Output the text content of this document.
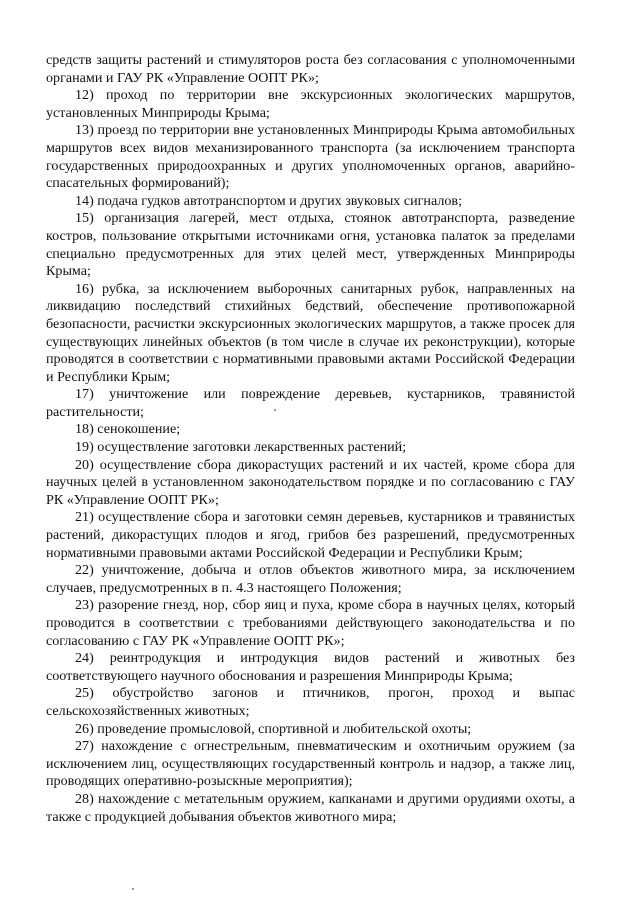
средств защиты растений и стимуляторов роста без согласования с уполномоченными органами и ГАУ РК «Управление ООПТ РК»;

12) проход по территории вне экскурсионных экологических маршрутов, установленных Минприроды Крыма;

13) проезд по территории вне установленных Минприроды Крыма автомобильных маршрутов всех видов механизированного транспорта (за исключением транспорта государственных природоохранных и других уполномоченных органов, аварийно-спасательных формирований);

14) подача гудков автотранспортом и других звуковых сигналов;

15) организация лагерей, мест отдыха, стоянок автотранспорта, разведение костров, пользование открытыми источниками огня, установка палаток за пределами специально предусмотренных для этих целей мест, утвержденных Минприроды Крыма;

16) рубка, за исключением выборочных санитарных рубок, направленных на ликвидацию последствий стихийных бедствий, обеспечение противопожарной безопасности, расчистки экскурсионных экологических маршрутов, а также просек для существующих линейных объектов (в том числе в случае их реконструкции), которые проводятся в соответствии с нормативными правовыми актами Российской Федерации и Республики Крым;

17) уничтожение или повреждение деревьев, кустарников, травянистой растительности;

18) сенокошение;

19) осуществление заготовки лекарственных растений;

20) осуществление сбора дикорастущих растений и их частей, кроме сбора для научных целей в установленном законодательством порядке и по согласованию с ГАУ РК «Управление ООПТ РК»;

21) осуществление сбора и заготовки семян деревьев, кустарников и травянистых растений, дикорастущих плодов и ягод, грибов без разрешений, предусмотренных нормативными правовыми актами Российской Федерации и Республики Крым;

22) уничтожение, добыча и отлов объектов животного мира, за исключением случаев, предусмотренных в п. 4.3 настоящего Положения;

23) разорение гнезд, нор, сбор яиц и пуха, кроме сбора в научных целях, который проводится в соответствии с требованиями действующего законодательства и по согласованию с ГАУ РК «Управление ООПТ РК»;

24) реинтродукция и интродукция видов растений и животных без соответствующего научного обоснования и разрешения Минприроды Крыма;

25) обустройство загонов и птичников, прогон, проход и выпас сельскохозяйственных животных;

26) проведение промысловой, спортивной и любительской охоты;

27) нахождение с огнестрельным, пневматическим и охотничьим оружием (за исключением лиц, осуществляющих государственный контроль и надзор, а также лиц, проводящих оперативно-розыскные мероприятия);

28) нахождение с метательным оружием, капканами и другими орудиями охоты, а также с продукцией добывания объектов животного мира;
